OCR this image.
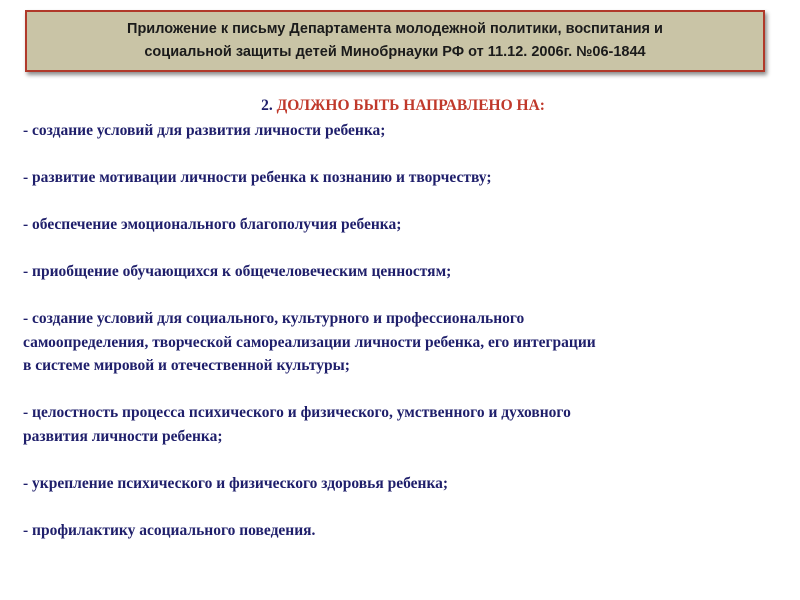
Приложение к письму Департамента молодежной политики, воспитания и
социальной защиты детей Минобрнауки РФ от 11.12. 2006г. №06-1844
2. ДОЛЖНО БЫТЬ НАПРАВЛЕНО НА:
- создание условий для развития личности ребенка;
- развитие мотивации личности ребенка к познанию и творчеству;
- обеспечение эмоционального благополучия ребенка;
- приобщение обучающихся к общечеловеческим ценностям;
- создание условий для социального, культурного и профессионального
самоопределения, творческой самореализации личности ребенка, его интеграции
в системе мировой и отечественной культуры;
- целостность процесса психического и физического, умственного и духовного
развития личности ребенка;
- укрепление психического и физического здоровья ребенка;
- профилактику асоциального поведения.
